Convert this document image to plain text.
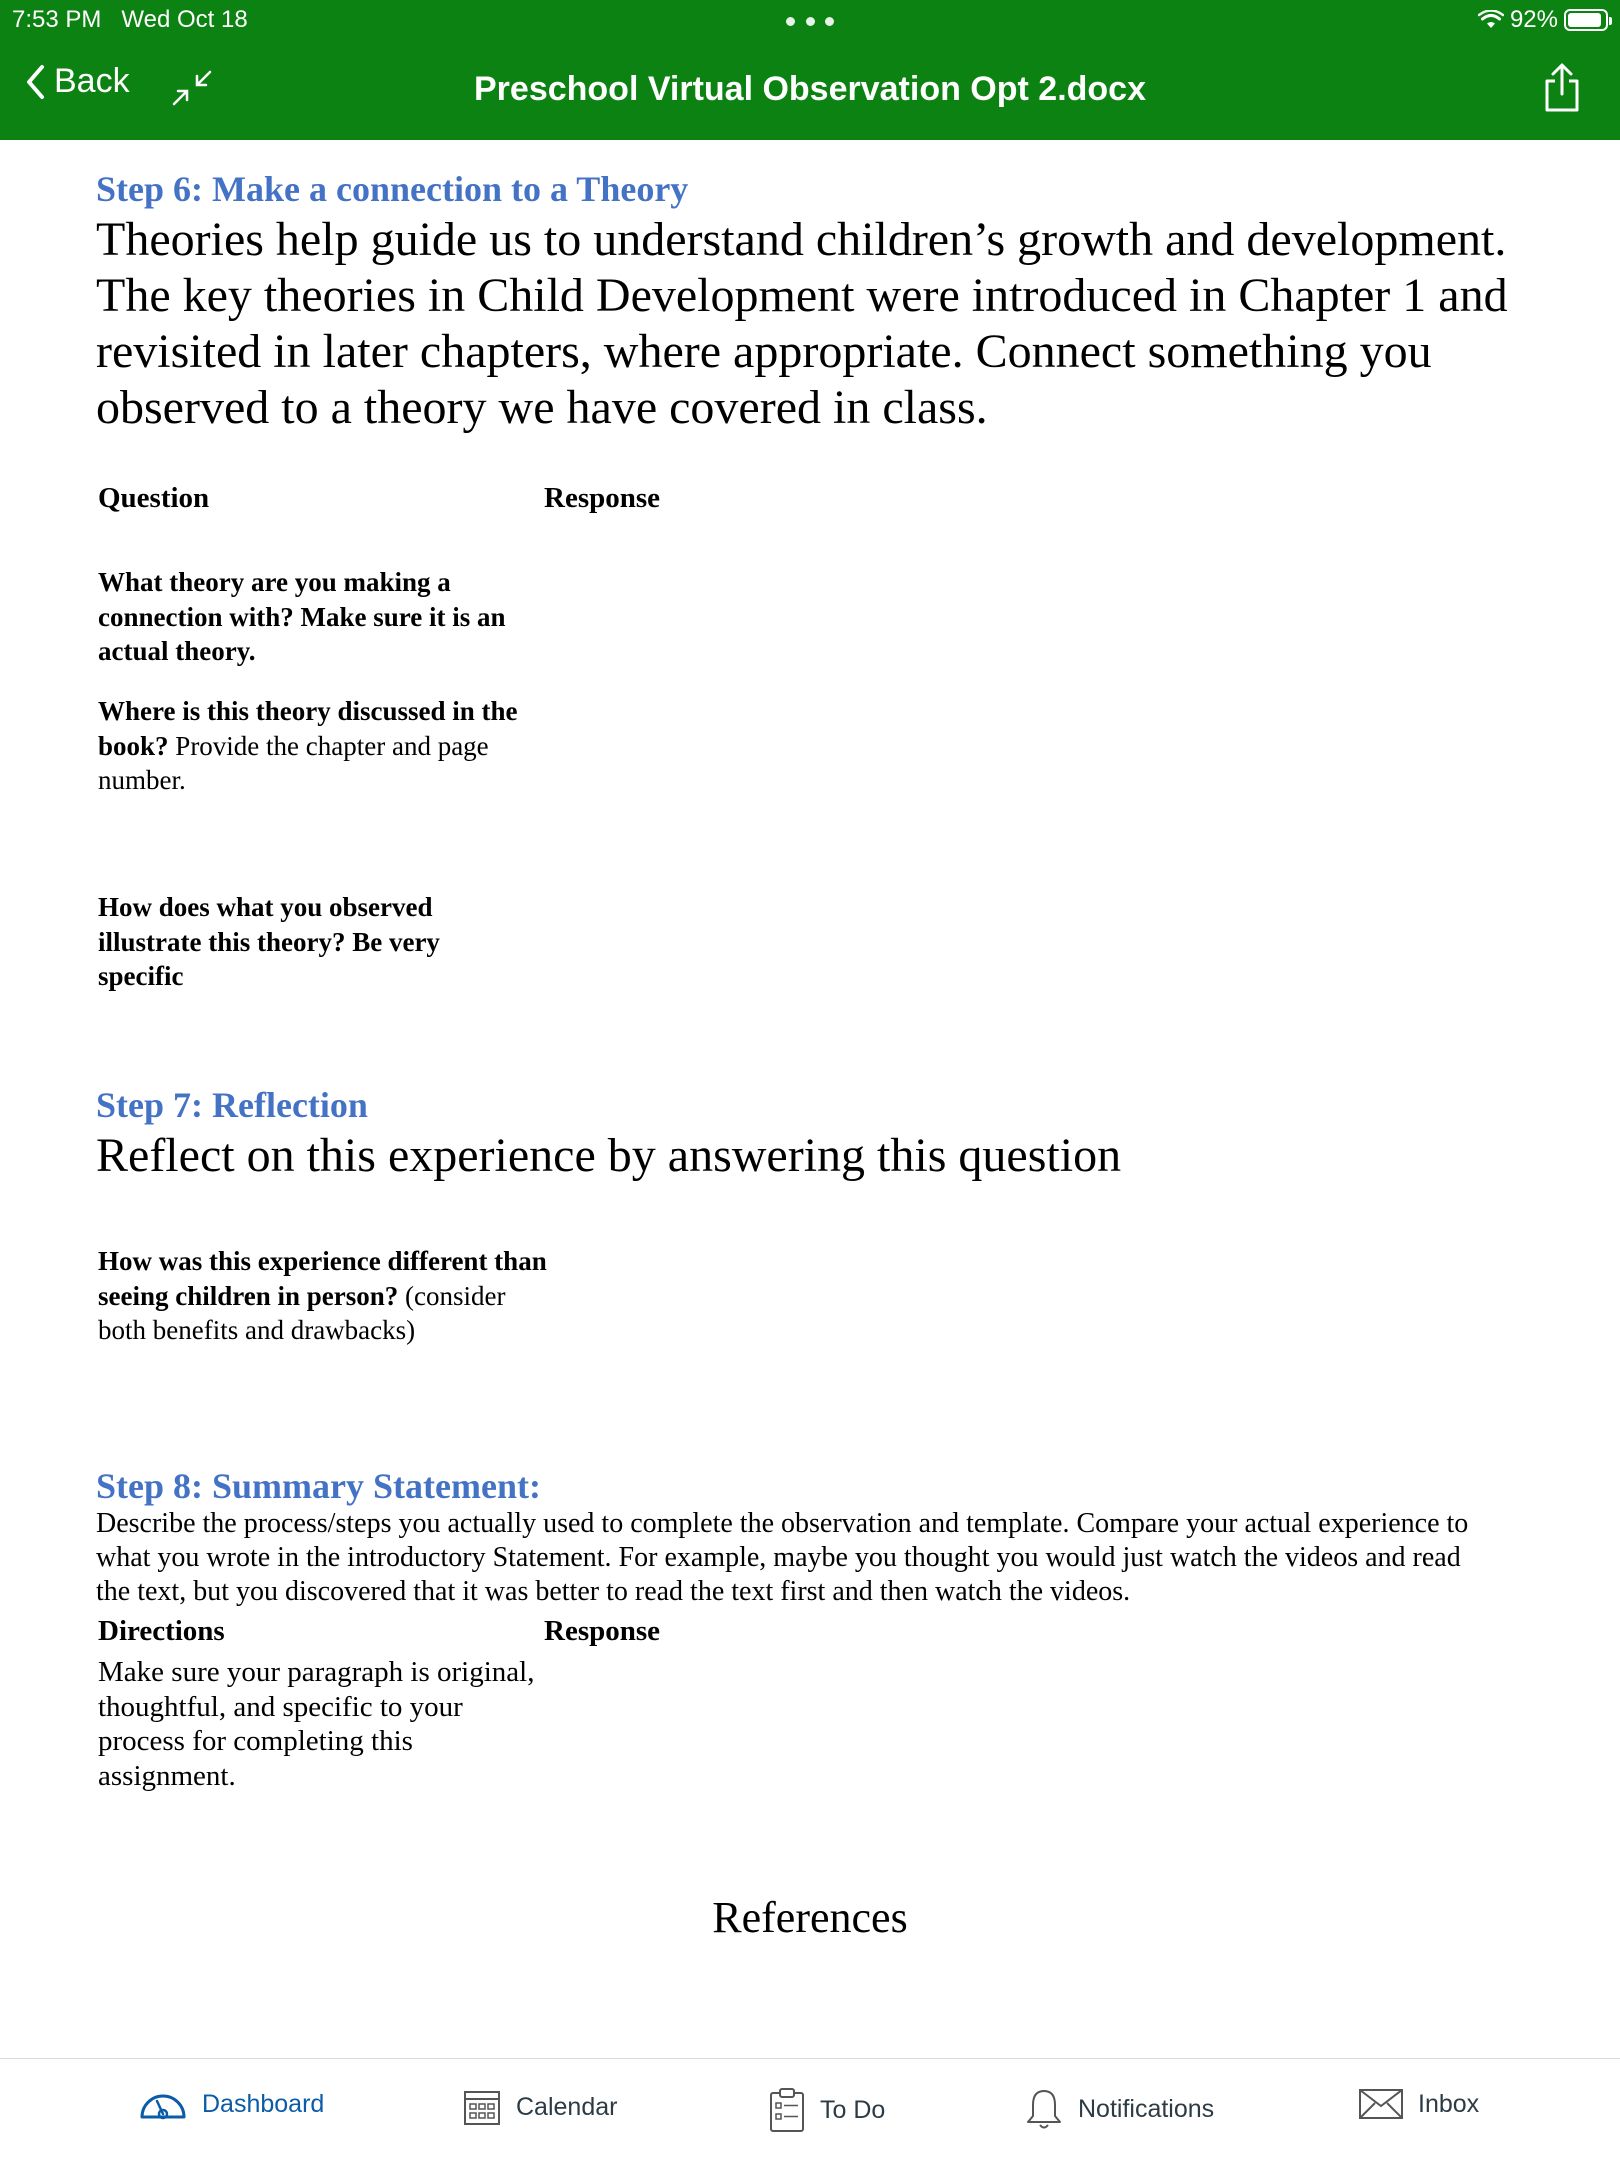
7:53 PM Wed Oct 18	92%
Back	Preschool Virtual Observation Opt 2.docx
Step 6: Make a connection to a Theory
Theories help guide us to understand children’s growth and development.
The key theories in Child Development were introduced in Chapter 1 and
revisited in later chapters, where appropriate. Connect something you
observed to a theory we have covered in class.
Question	Response
What theory are you making a connection with? Make sure it is an actual theory.
Where is this theory discussed in the book? Provide the chapter and page number.
How does what you observed illustrate this theory? Be very specific
Step 7: Reflection
Reflect on this experience by answering this question
How was this experience different than seeing children in person? (consider both benefits and drawbacks)
Step 8: Summary Statement:
Describe the process/steps you actually used to complete the observation and template. Compare your actual experience to
what you wrote in the introductory Statement. For example, maybe you thought you would just watch the videos and read
the text, but you discovered that it was better to read the text first and then watch the videos.
Directions	Response
Make sure your paragraph is original,
thoughtful, and specific to your
process for completing this
assignment.
References
Dashboard	Calendar	To Do	Notifications	Inbox
